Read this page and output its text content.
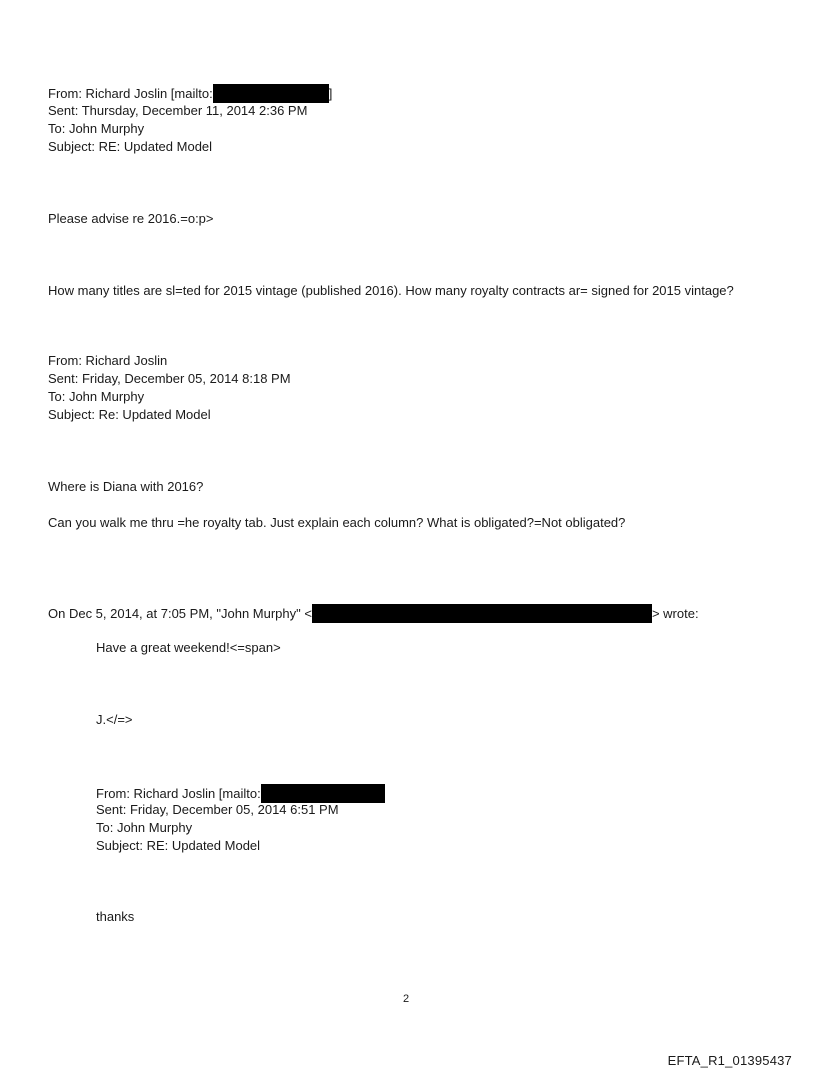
From: Richard Joslin [mailto:	]
Sent: Thursday, December 11, 2014 2:36 PM
To: John Murphy
Subject: RE: Updated Model
Please advise re 2016.=o:p>
How many titles are sl=ted for 2015 vintage (published 2016). How many royalty contracts ar= signed for 2015 vintage?
From: Richard Joslin
Sent: Friday, December 05, 2014 8:18 PM
To: John Murphy
Subject: Re: Updated Model
Where is Diana with 2016?
Can you walk me thru =he royalty tab. Just explain each column? What is obligated?=Not obligated?
On Dec 5, 2014, at 7:05 PM, "John Murphy" <	> wrote:
Have a great weekend!<=span>
J.</=>
From: Richard Joslin [mailto:
Sent: Friday, December 05, 2014 6:51 PM
To: John Murphy
Subject: RE: Updated Model
thanks
2
EFTA_R1_01395437
